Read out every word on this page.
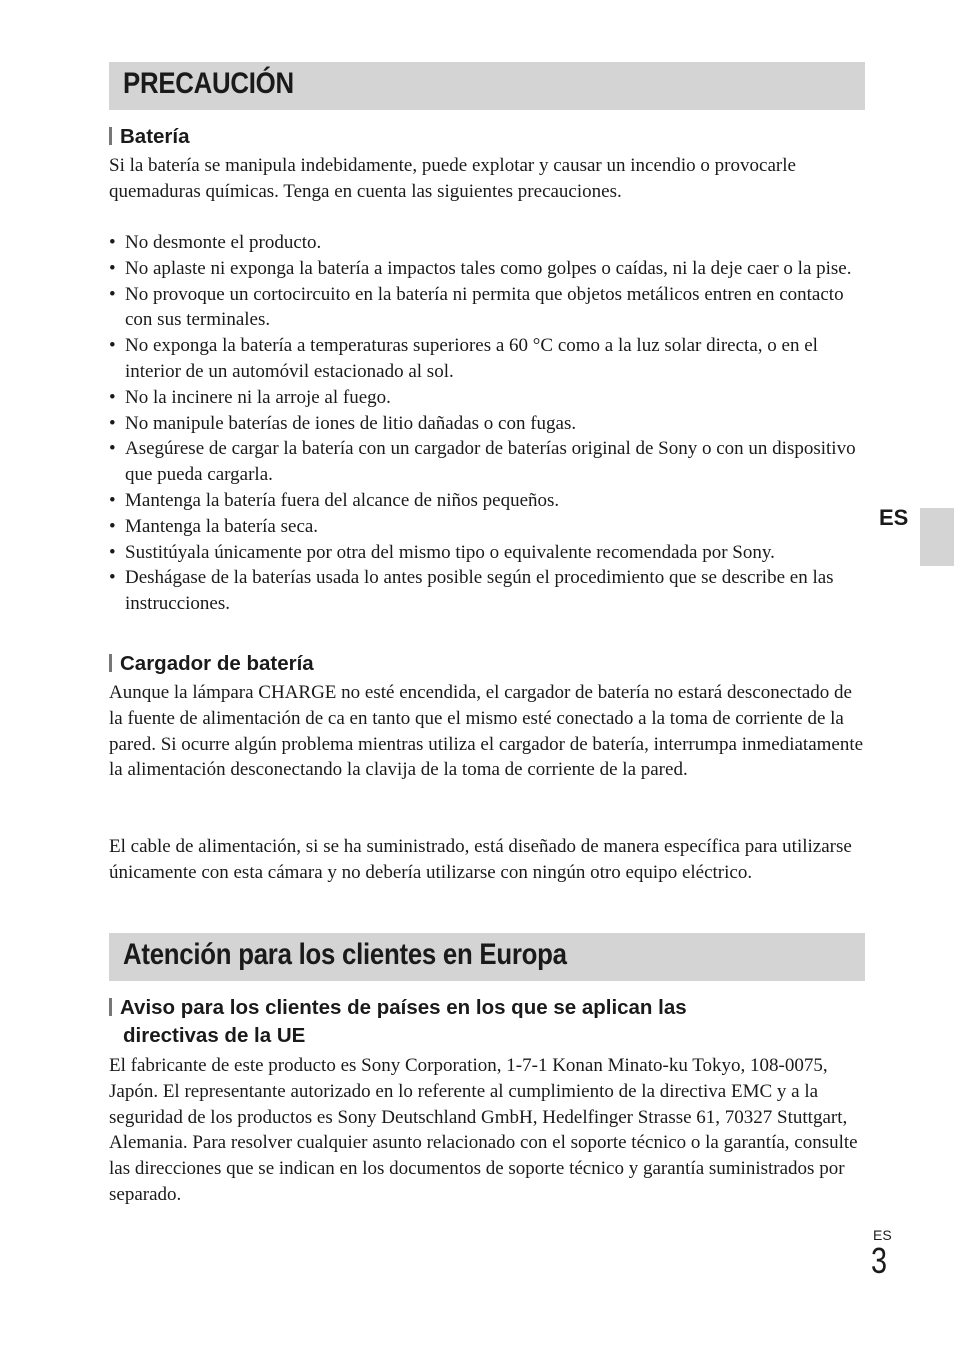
PRECAUCIÓN
Batería

Si la batería se manipula indebidamente, puede explotar y causar un incendio o provocarle quemaduras químicas. Tenga en cuenta las siguientes precauciones.

• No desmonte el producto.
• No aplaste ni exponga la batería a impactos tales como golpes o caídas, ni la deje caer o la pise.
• No provoque un cortocircuito en la batería ni permita que objetos metálicos entren en contacto con sus terminales.
• No exponga la batería a temperaturas superiores a 60 °C como a la luz solar directa, o en el interior de un automóvil estacionado al sol.
• No la incinere ni la arroje al fuego.
• No manipule baterías de iones de litio dañadas o con fugas.
• Asegúrese de cargar la batería con un cargador de baterías original de Sony o con un dispositivo que pueda cargarla.
• Mantenga la batería fuera del alcance de niños pequeños.
• Mantenga la batería seca.
• Sustitúyala únicamente por otra del mismo tipo o equivalente recomendada por Sony.
• Deshágase de la baterías usada lo antes posible según el procedimiento que se describe en las instrucciones.
Cargador de batería

Aunque la lámpara CHARGE no esté encendida, el cargador de batería no estará desconectado de la fuente de alimentación de ca en tanto que el mismo esté conectado a la toma de corriente de la pared. Si ocurre algún problema mientras utiliza el cargador de batería, interrumpa inmediatamente la alimentación desconectando la clavija de la toma de corriente de la pared.

El cable de alimentación, si se ha suministrado, está diseñado de manera específica para utilizarse únicamente con esta cámara y no debería utilizarse con ningún otro equipo eléctrico.

Atención para los clientes en Europa
Aviso para los clientes de países en los que se aplican las
directivas de la UE

El fabricante de este producto es Sony Corporation, 1-7-1 Konan Minato-ku Tokyo, 108-0075, Japón. El representante autorizado en lo referente al cumplimiento de la directiva EMC y a la seguridad de los productos es Sony Deutschland GmbH, Hedelfinger Strasse 61, 70327 Stuttgart, Alemania. Para resolver cualquier asunto relacionado con el soporte técnico o la garantía, consulte las direcciones que se indican en los documentos de soporte técnico y garantía suministrados por separado.

ES
ES
3
